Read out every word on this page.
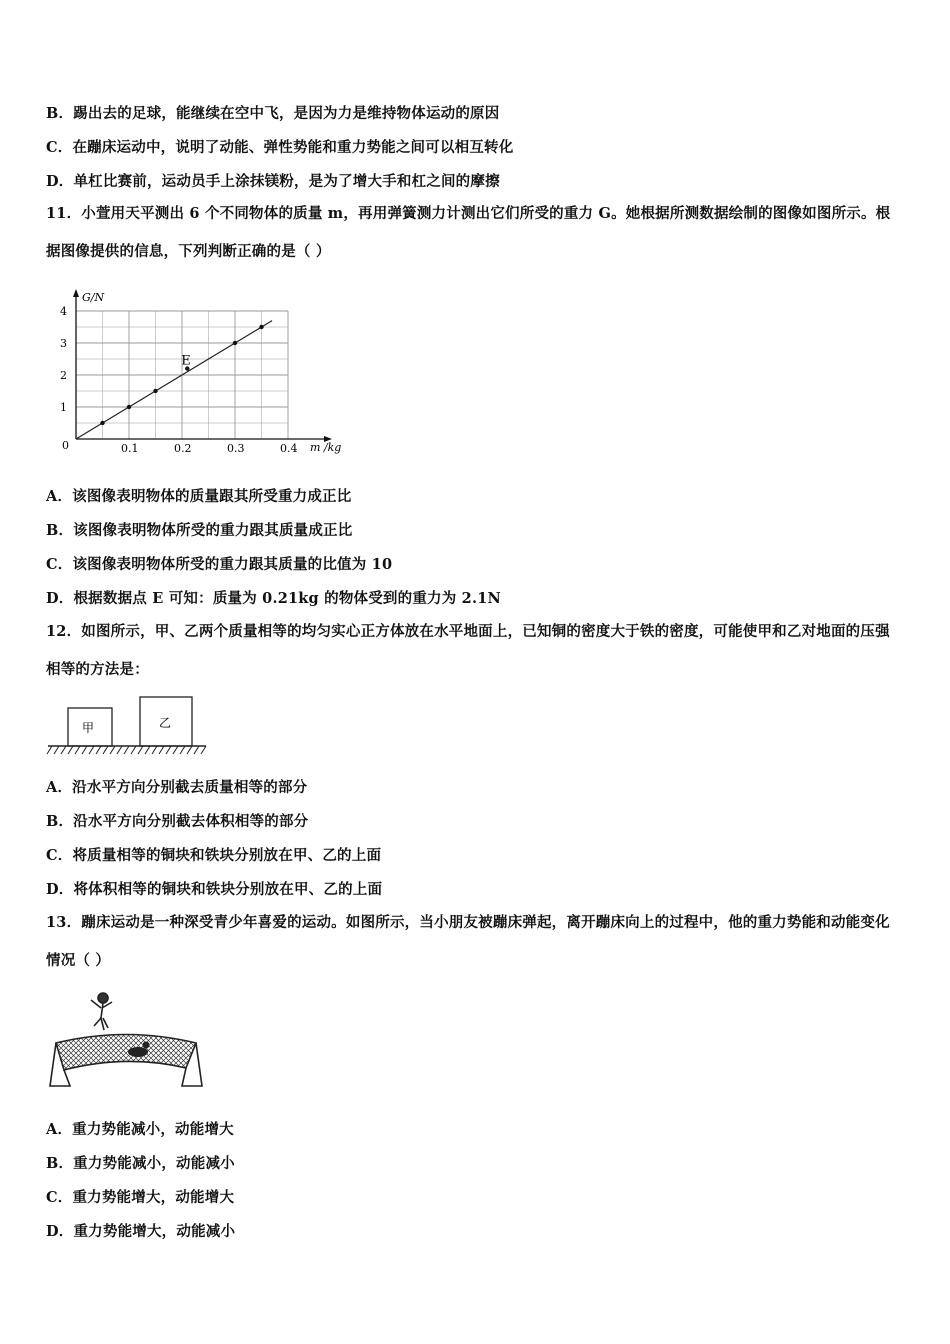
B．踢出去的足球，能继续在空中飞，是因为力是维持物体运动的原因
C．在蹦床运动中，说明了动能、弹性势能和重力势能之间可以相互转化
D．单杠比赛前，运动员手上涂抹镁粉，是为了增大手和杠之间的摩擦
11．小萱用天平测出 6 个不同物体的质量 m，再用弹簧测力计测出它们所受的重力 G。她根据所测数据绘制的图像如图所示。根据图像提供的信息，下列判断正确的是（ ）
0.1	0.2	0.3	0.4
1
2
3
4
G/N
m /kg
0
E
A．该图像表明物体的质量跟其所受重力成正比
B．该图像表明物体所受的重力跟其质量成正比
C．该图像表明物体所受的重力跟其质量的比值为 10
D．根据数据点 E 可知：质量为 0.21kg 的物体受到的重力为 2.1N
12．如图所示，甲、乙两个质量相等的均匀实心正方体放在水平地面上，已知铜的密度大于铁的密度，可能使甲和乙对地面的压强相等的方法是：
甲	乙
A．沿水平方向分别截去质量相等的部分
B．沿水平方向分别截去体积相等的部分
C．将质量相等的铜块和铁块分别放在甲、乙的上面
D．将体积相等的铜块和铁块分别放在甲、乙的上面
13．蹦床运动是一种深受青少年喜爱的运动。如图所示，当小朋友被蹦床弹起，离开蹦床向上的过程中，他的重力势能和动能变化情况（ ）
A．重力势能减小，动能增大
B．重力势能减小，动能减小
C．重力势能增大，动能增大
D．重力势能增大，动能减小
